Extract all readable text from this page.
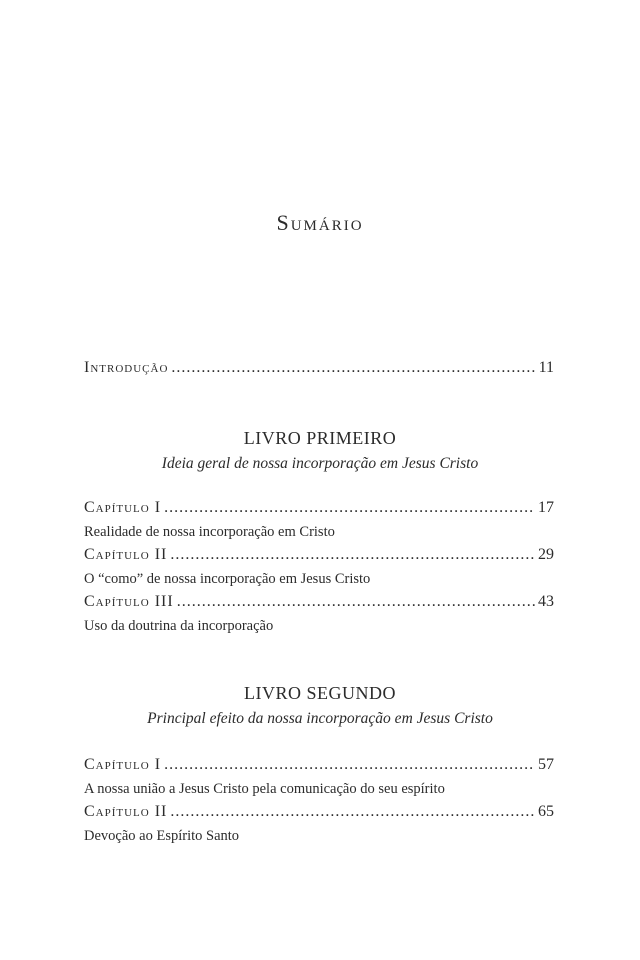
Sumário
Introdução .....	11
LIVRO PRIMEIRO
Ideia geral de nossa incorporação em Jesus Cristo
Capítulo I .....	17
Realidade de nossa incorporação em Cristo
Capítulo II .....	29
O “como” de nossa incorporação em Jesus Cristo
Capítulo III .....	43
Uso da doutrina da incorporação
LIVRO SEGUNDO
Principal efeito da nossa incorporação em Jesus Cristo
Capítulo I .....	57
A nossa união a Jesus Cristo pela comunicação do seu espírito
Capítulo II .....	65
Devoção ao Espírito Santo
